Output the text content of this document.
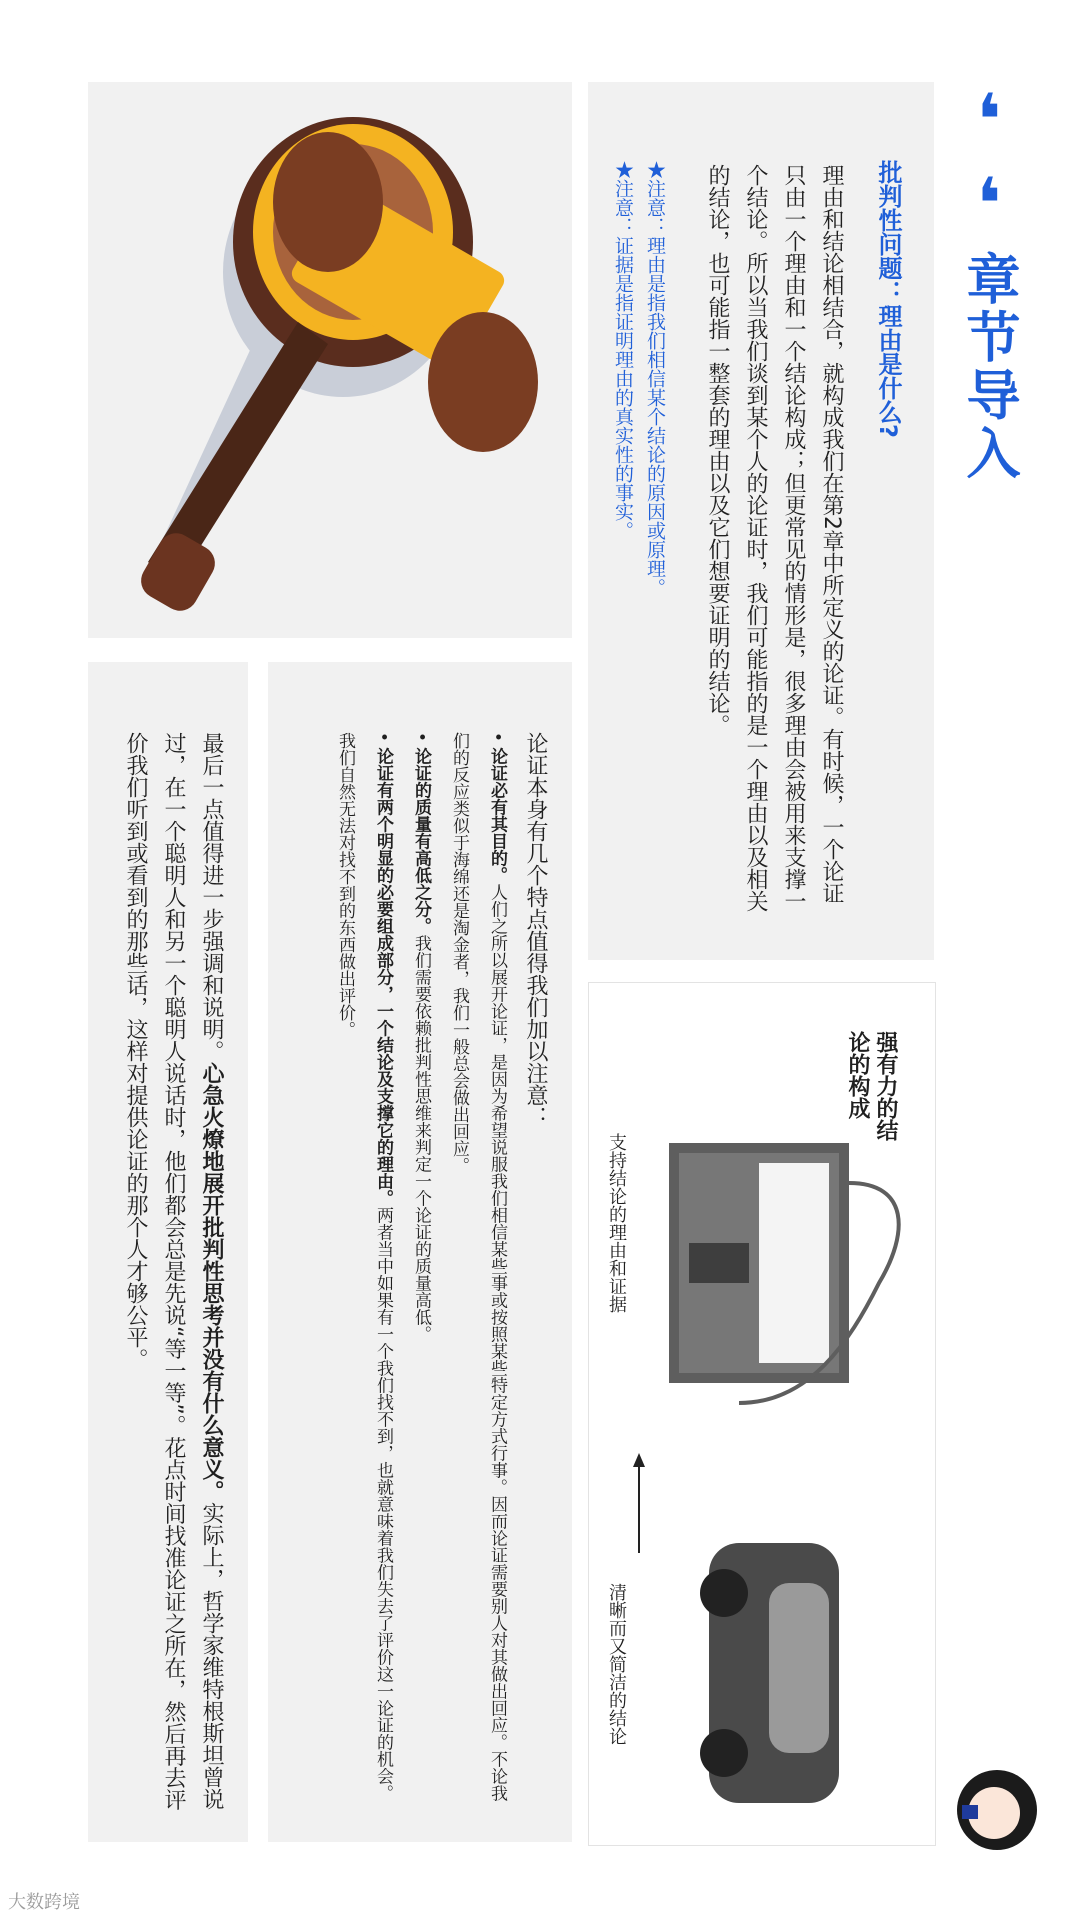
❛❛ 章节导入
批判性问题：理由是什么?
理由和结论相结合，就构成我们在第2章中所定义的论证。有时候，一个论证只由一个理由和一个结论构成；但更常见的情形是，很多理由会被用来支撑一个结论。所以当我们谈到某个人的论证时，我们可能指的是一个理由以及相关的结论，也可能指一整套的理由以及它们想要证明的结论。
★注意：理由是指我们相信某个结论的原因或原理。
★注意：证据是指证明理由的真实性的事实。
强有力的结论的构成
支持结论的理由和证据
清晰而又简洁的结论
论证本身有几个特点值得我们加以注意：
• 论证必有其目的。人们之所以展开论证，是因为希望说服我们相信某些事或按照某些特定方式行事。因而论证需要别人对其做出回应。不论我们的反应类似于海绵还是淘金者，我们一般总会做出回应。
• 论证的质量有高低之分。我们需要依赖批判性思维来判定一个论证的质量高低。
• 论证有两个明显的必要组成部分，一个结论及支撑它的理由。两者当中如果有一个我们找不到，也就意味着我们失去了评价这一论证的机会。我们自然无法对找不到的东西做出评价。
最后一点值得进一步强调和说明。心急火燎地展开批判性思考并没有什么意义。实际上，哲学家维特根斯坦曾说过，在一个聪明人和另一个聪明人说话时，他们都会总是先说“等一等”。花点时间找准论证之所在，然后再去评价我们听到或看到的那些话，这样对提供论证的那个人才够公平。
大数跨境
